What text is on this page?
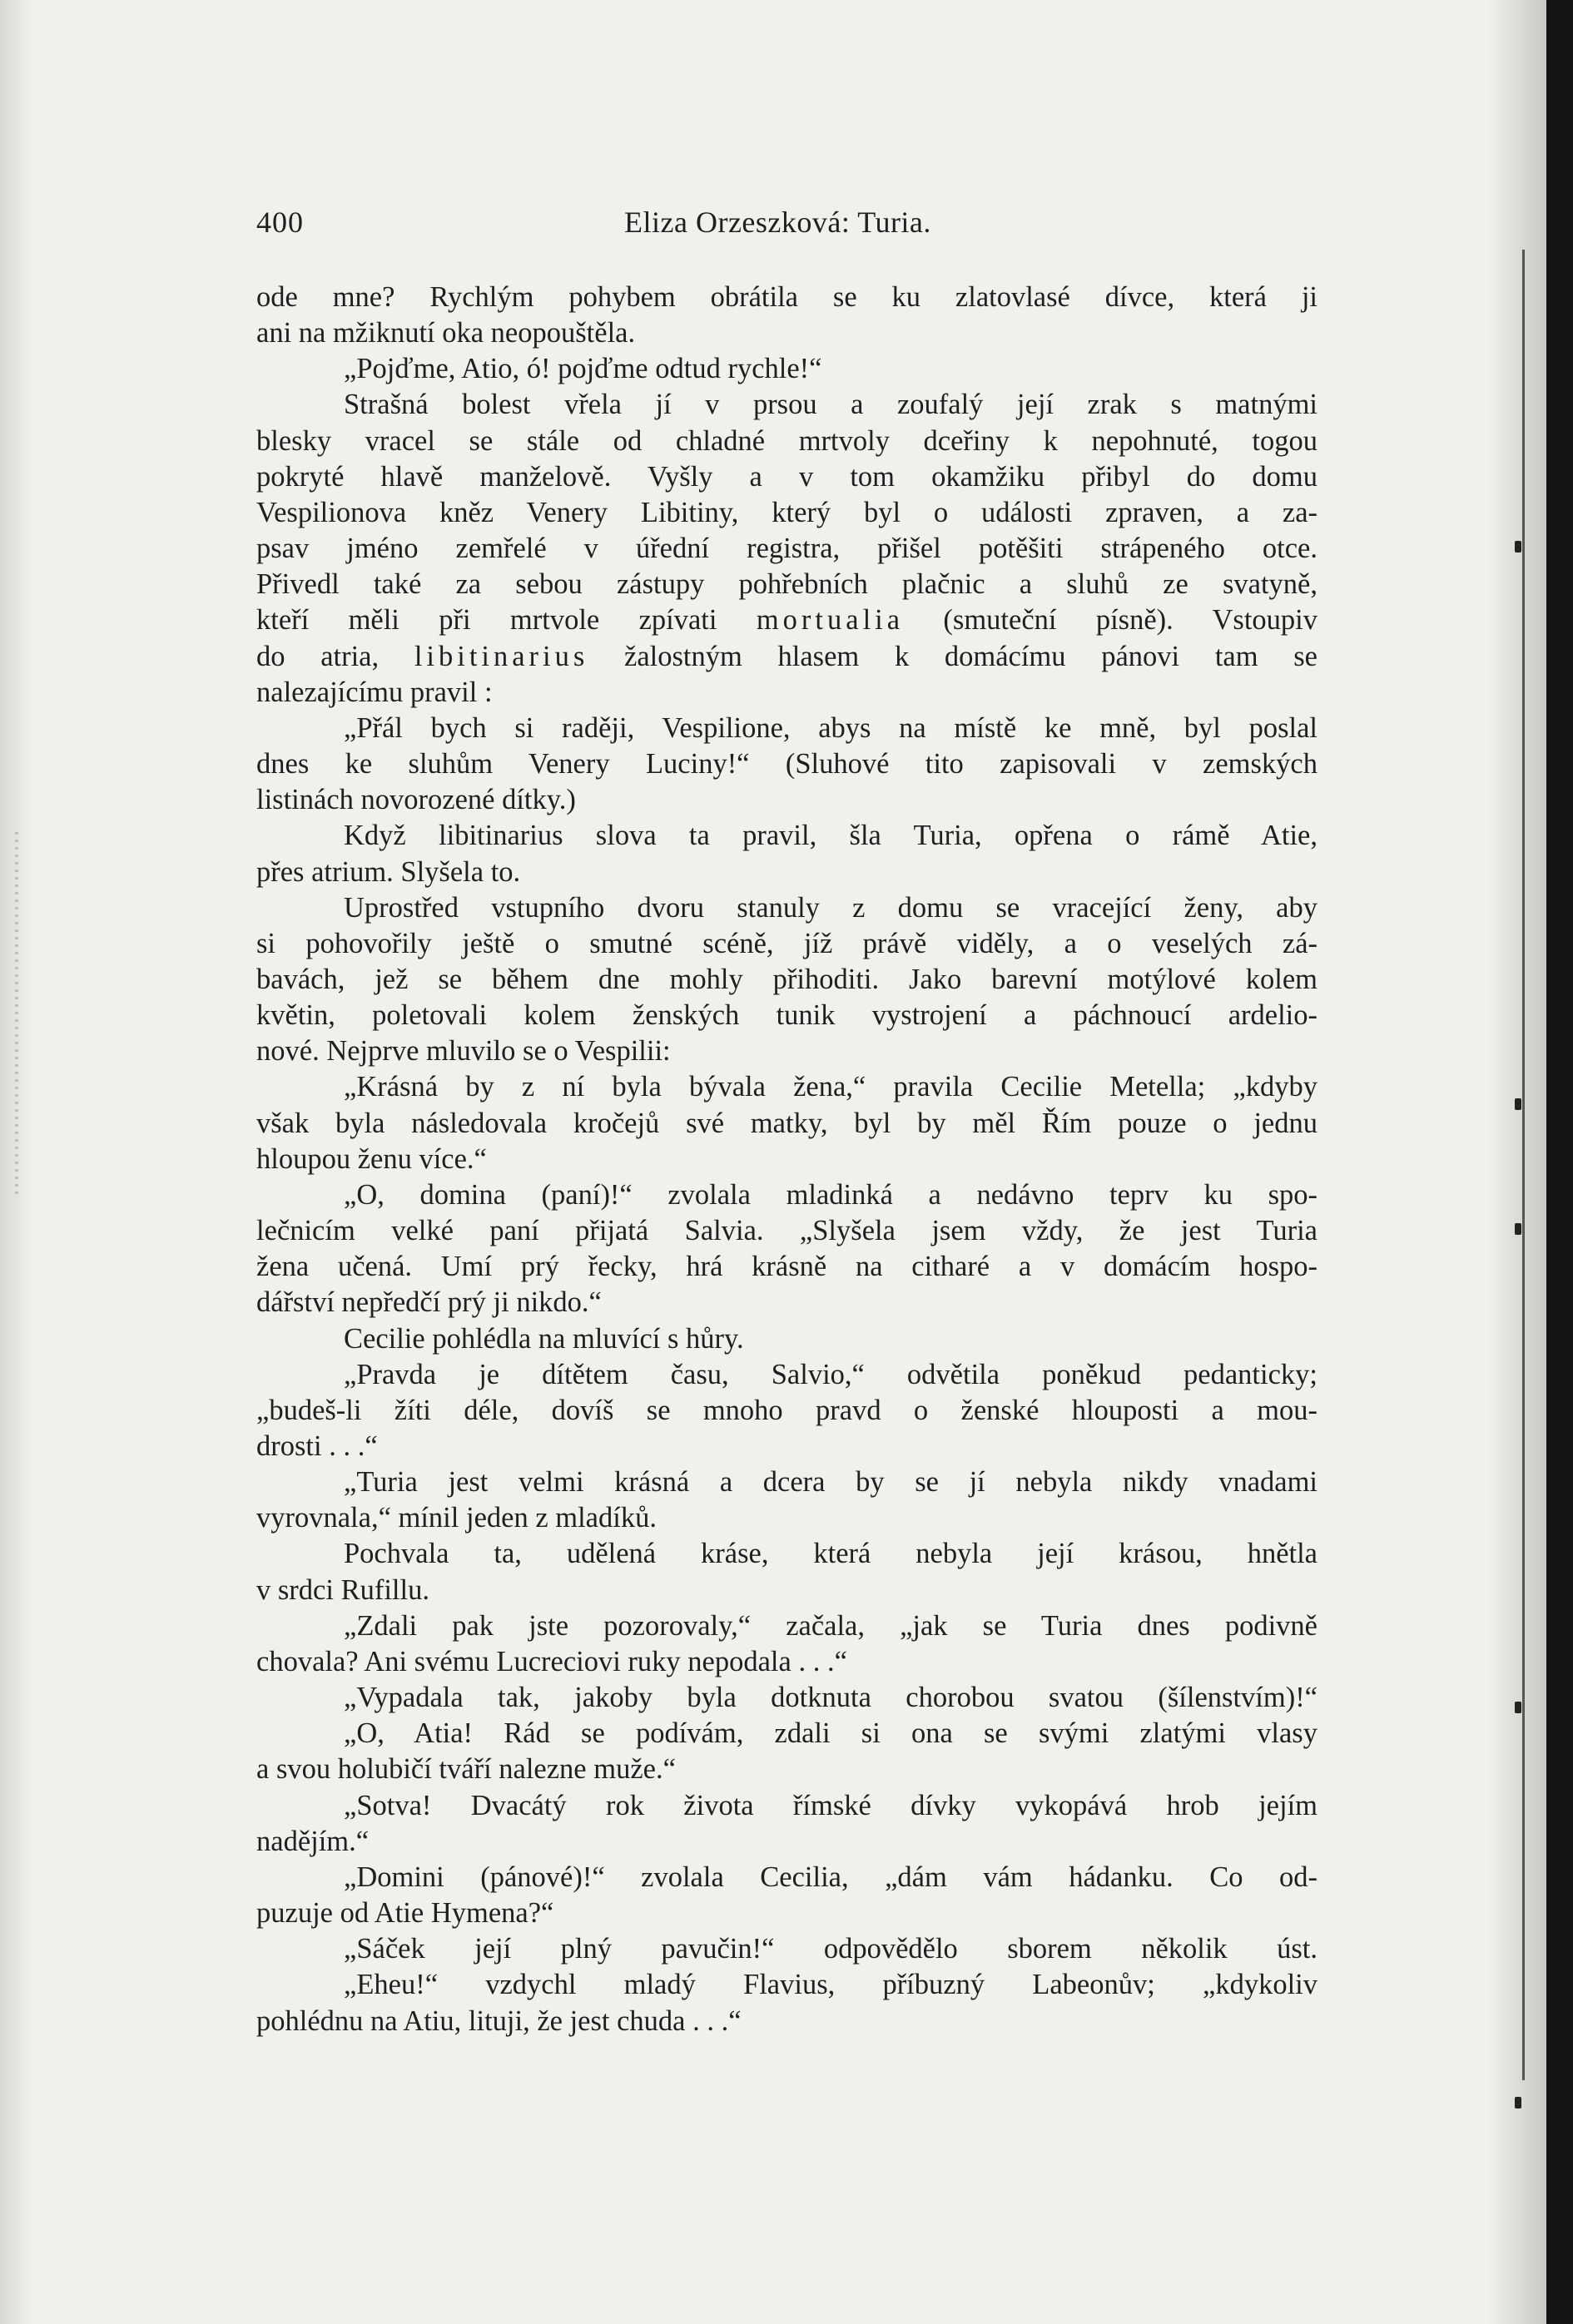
400	Eliza Orzeszková: Turia.
ode mne? Rychlým pohybem obrátila se ku zlatovlasé dívce, která ji
ani na mžiknutí oka neopouštěla.
„Pojďme, Atio, ó! pojďme odtud rychle!“
Strašná bolest vřela jí v prsou a zoufalý její zrak s matnými
blesky vracel se stále od chladné mrtvoly dceřiny k nepohnuté, togou
pokryté hlavě manželově. Vyšly a v tom okamžiku přibyl do domu
Vespilionova kněz Venery Libitiny, který byl o události zpraven, a za-
psav jméno zemřelé v úřední registra, přišel potěšiti strápeného otce.
Přivedl také za sebou zástupy pohřebních plačnic a sluhů ze svatyně,
kteří měli při mrtvole zpívati mortualia (smuteční písně). Vstoupiv
do atria, libitinarius žalostným hlasem k domácímu pánovi tam se
nalezajícímu pravil :
„Přál bych si raději, Vespilione, abys na místě ke mně, byl poslal
dnes ke sluhům Venery Luciny!“ (Sluhové tito zapisovali v zemských
listinách novorozené dítky.)
Když libitinarius slova ta pravil, šla Turia, opřena o rámě Atie,
přes atrium. Slyšela to.
Uprostřed vstupního dvoru stanuly z domu se vracející ženy, aby
si pohovořily ještě o smutné scéně, jíž právě viděly, a o veselých zá-
bavách, jež se během dne mohly přihoditi. Jako barevní motýlové kolem
květin, poletovali kolem ženských tunik vystrojení a páchnoucí ardelio-
nové. Nejprve mluvilo se o Vespilii:
„Krásná by z ní byla bývala žena,“ pravila Cecilie Metella; „kdyby
však byla následovala kročejů své matky, byl by měl Řím pouze o jednu
hloupou ženu více.“
„O, domina (paní)!“ zvolala mladinká a nedávno teprv ku spo-
lečnicím velké paní přijatá Salvia. „Slyšela jsem vždy, že jest Turia
žena učená. Umí prý řecky, hrá krásně na citharé a v domácím hospo-
dářství nepředčí prý ji nikdo.“
Cecilie pohlédla na mluvící s hůry.
„Pravda je dítětem času, Salvio,“ odvětila poněkud pedanticky;
„budeš-li žíti déle, dovíš se mnoho pravd o ženské hlouposti a mou-
drosti . . .“
„Turia jest velmi krásná a dcera by se jí nebyla nikdy vnadami
vyrovnala,“ mínil jeden z mladíků.
Pochvala ta, udělená kráse, která nebyla její krásou, hnětla
v srdci Rufillu.
„Zdali pak jste pozorovaly,“ začala, „jak se Turia dnes podivně
chovala? Ani svému Lucreciovi ruky nepodala . . .“
„Vypadala tak, jakoby byla dotknuta chorobou svatou (šílenstvím)!“
„O, Atia! Rád se podívám, zdali si ona se svými zlatými vlasy
a svou holubičí tváří nalezne muže.“
„Sotva! Dvacátý rok života římské dívky vykopává hrob jejím
nadějím.“
„Domini (pánové)!“ zvolala Cecilia, „dám vám hádanku. Co od-
puzuje od Atie Hymena?“
„Sáček její plný pavučin!“ odpovědělo sborem několik úst.
„Eheu!“ vzdychl mladý Flavius, příbuzný Labeonův; „kdykoliv
pohlédnu na Atiu, lituji, že jest chuda . . .“
